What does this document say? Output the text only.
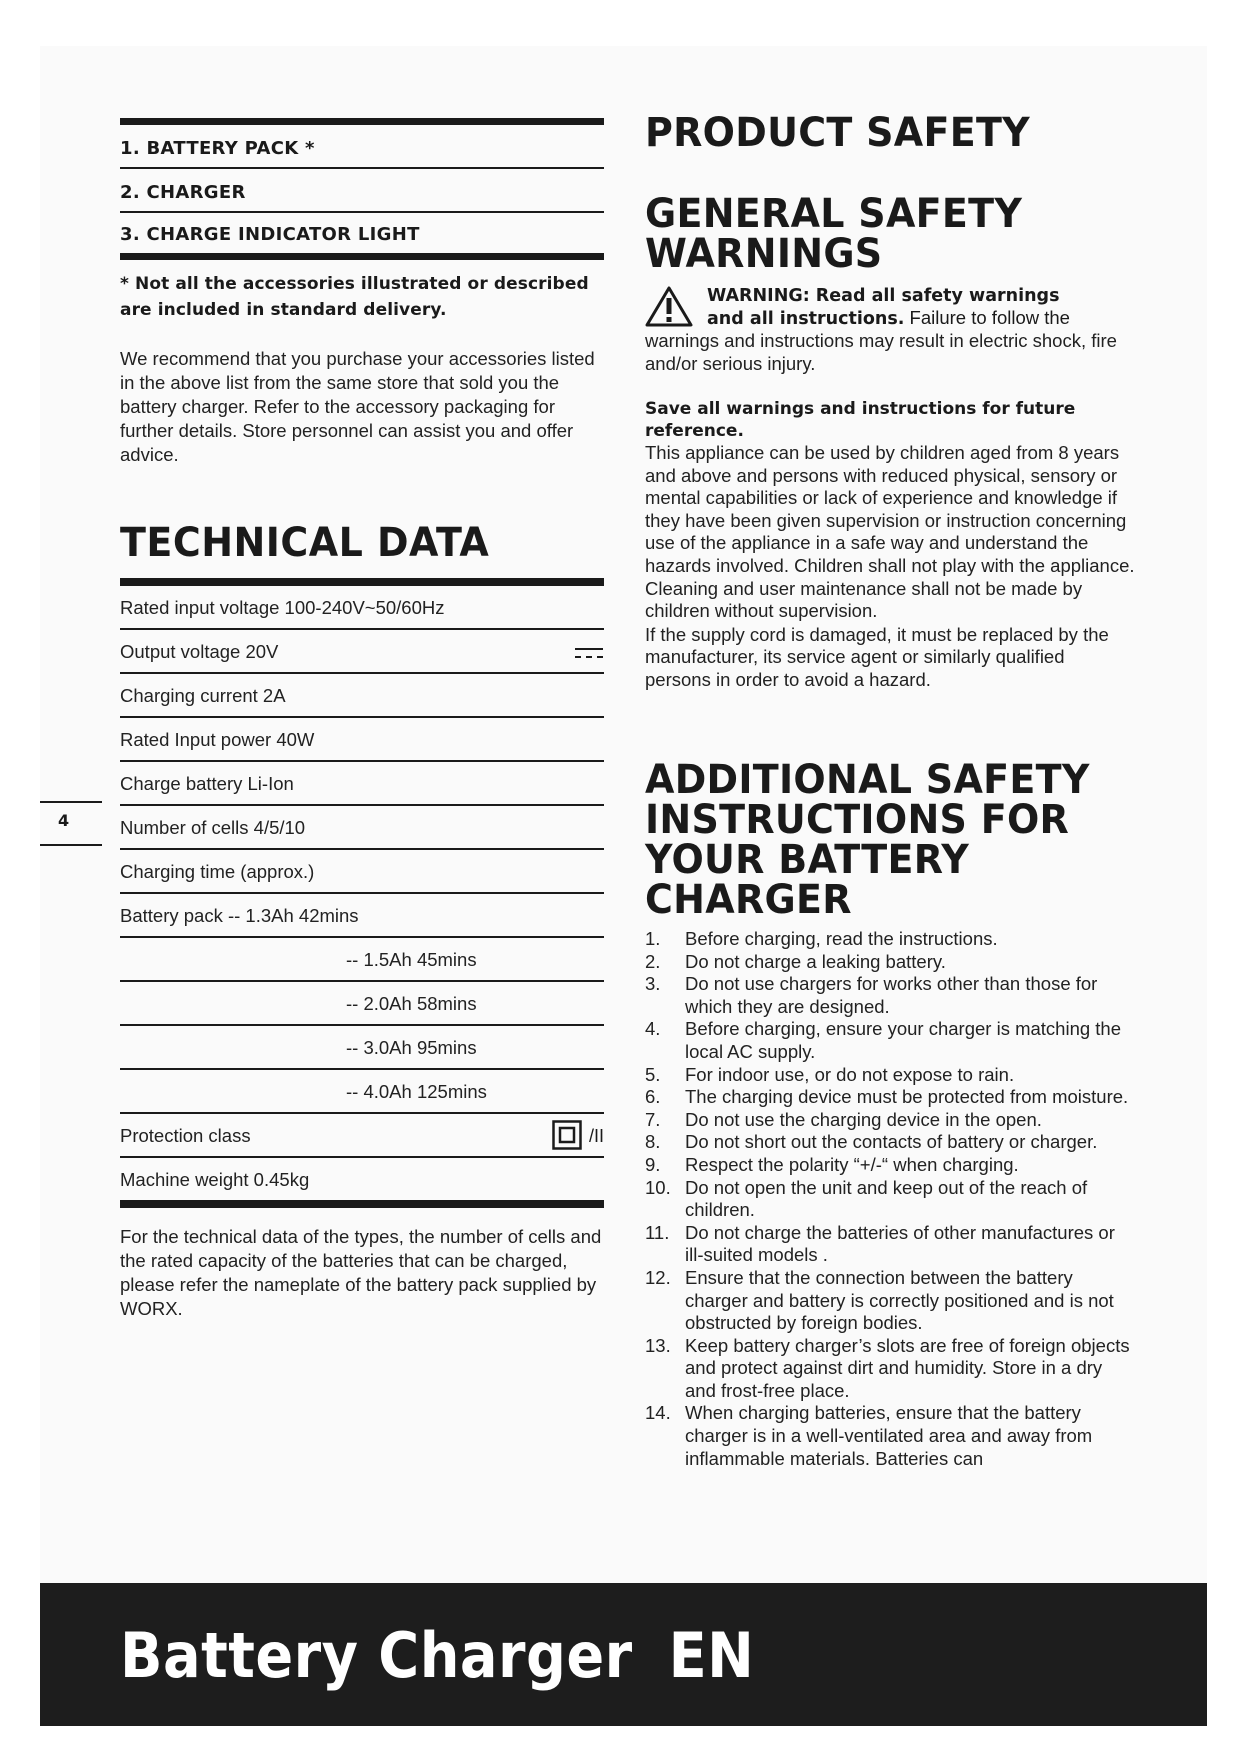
1. BATTERY PACK *
2. CHARGER
3. CHARGE INDICATOR LIGHT
* Not all the accessories illustrated or described are included in standard delivery.
We recommend that you purchase your accessories listed in the above list from the same store that sold you the battery charger. Refer to the accessory packaging for further details. Store personnel can assist you and offer advice.
TECHNICAL DATA
Rated input voltage 100-240V~50/60Hz
Output voltage 20V
Charging current 2A
Rated Input power 40W
Charge battery Li-Ion
Number of cells 4/5/10
Charging time (approx.)
Battery pack -- 1.3Ah 42mins
-- 1.5Ah 45mins
-- 2.0Ah 58mins
-- 3.0Ah 95mins
-- 4.0Ah 125mins
Protection class	/II
Machine weight 0.45kg
For the technical data of the types, the number of cells and the rated capacity of the batteries that can be charged, please refer the nameplate of the battery pack supplied by WORX.
4
PRODUCT SAFETY
GENERAL SAFETY
WARNINGS
WARNING: Read all safety warnings
and all instructions. Failure to follow the
warnings and instructions may result in electric shock, fire and/or serious injury.
Save all warnings and instructions for future reference.
This appliance can be used by children aged from 8 years and above and persons with reduced physical, sensory or mental capabilities or lack of experience and knowledge if they have been given supervision or instruction concerning use of the appliance in a safe way and understand the hazards involved. Children shall not play with the appliance. Cleaning and user maintenance shall not be made by children without supervision.
If the supply cord is damaged, it must be replaced by the manufacturer, its service agent or similarly qualified persons in order to avoid a hazard.
ADDITIONAL SAFETY
INSTRUCTIONS FOR
YOUR BATTERY
CHARGER
1. Before charging, read the instructions.
2. Do not charge a leaking battery.
3. Do not use chargers for works other than those for which they are designed.
4. Before charging, ensure your charger is matching the local AC supply.
5. For indoor use, or do not expose to rain.
6. The charging device must be protected from moisture.
7. Do not use the charging device in the open.
8. Do not short out the contacts of battery or charger.
9. Respect the polarity “+/-“ when charging.
10. Do not open the unit and keep out of the reach of children.
11. Do not charge the batteries of other manufactures or ill-suited models .
12. Ensure that the connection between the battery charger and battery is correctly positioned and is not obstructed by foreign bodies.
13. Keep battery charger’s slots are free of foreign objects and protect against dirt and humidity. Store in a dry and frost-free place.
14. When charging batteries, ensure that the battery charger is in a well-ventilated area and away from inflammable materials. Batteries can
Battery Charger EN
